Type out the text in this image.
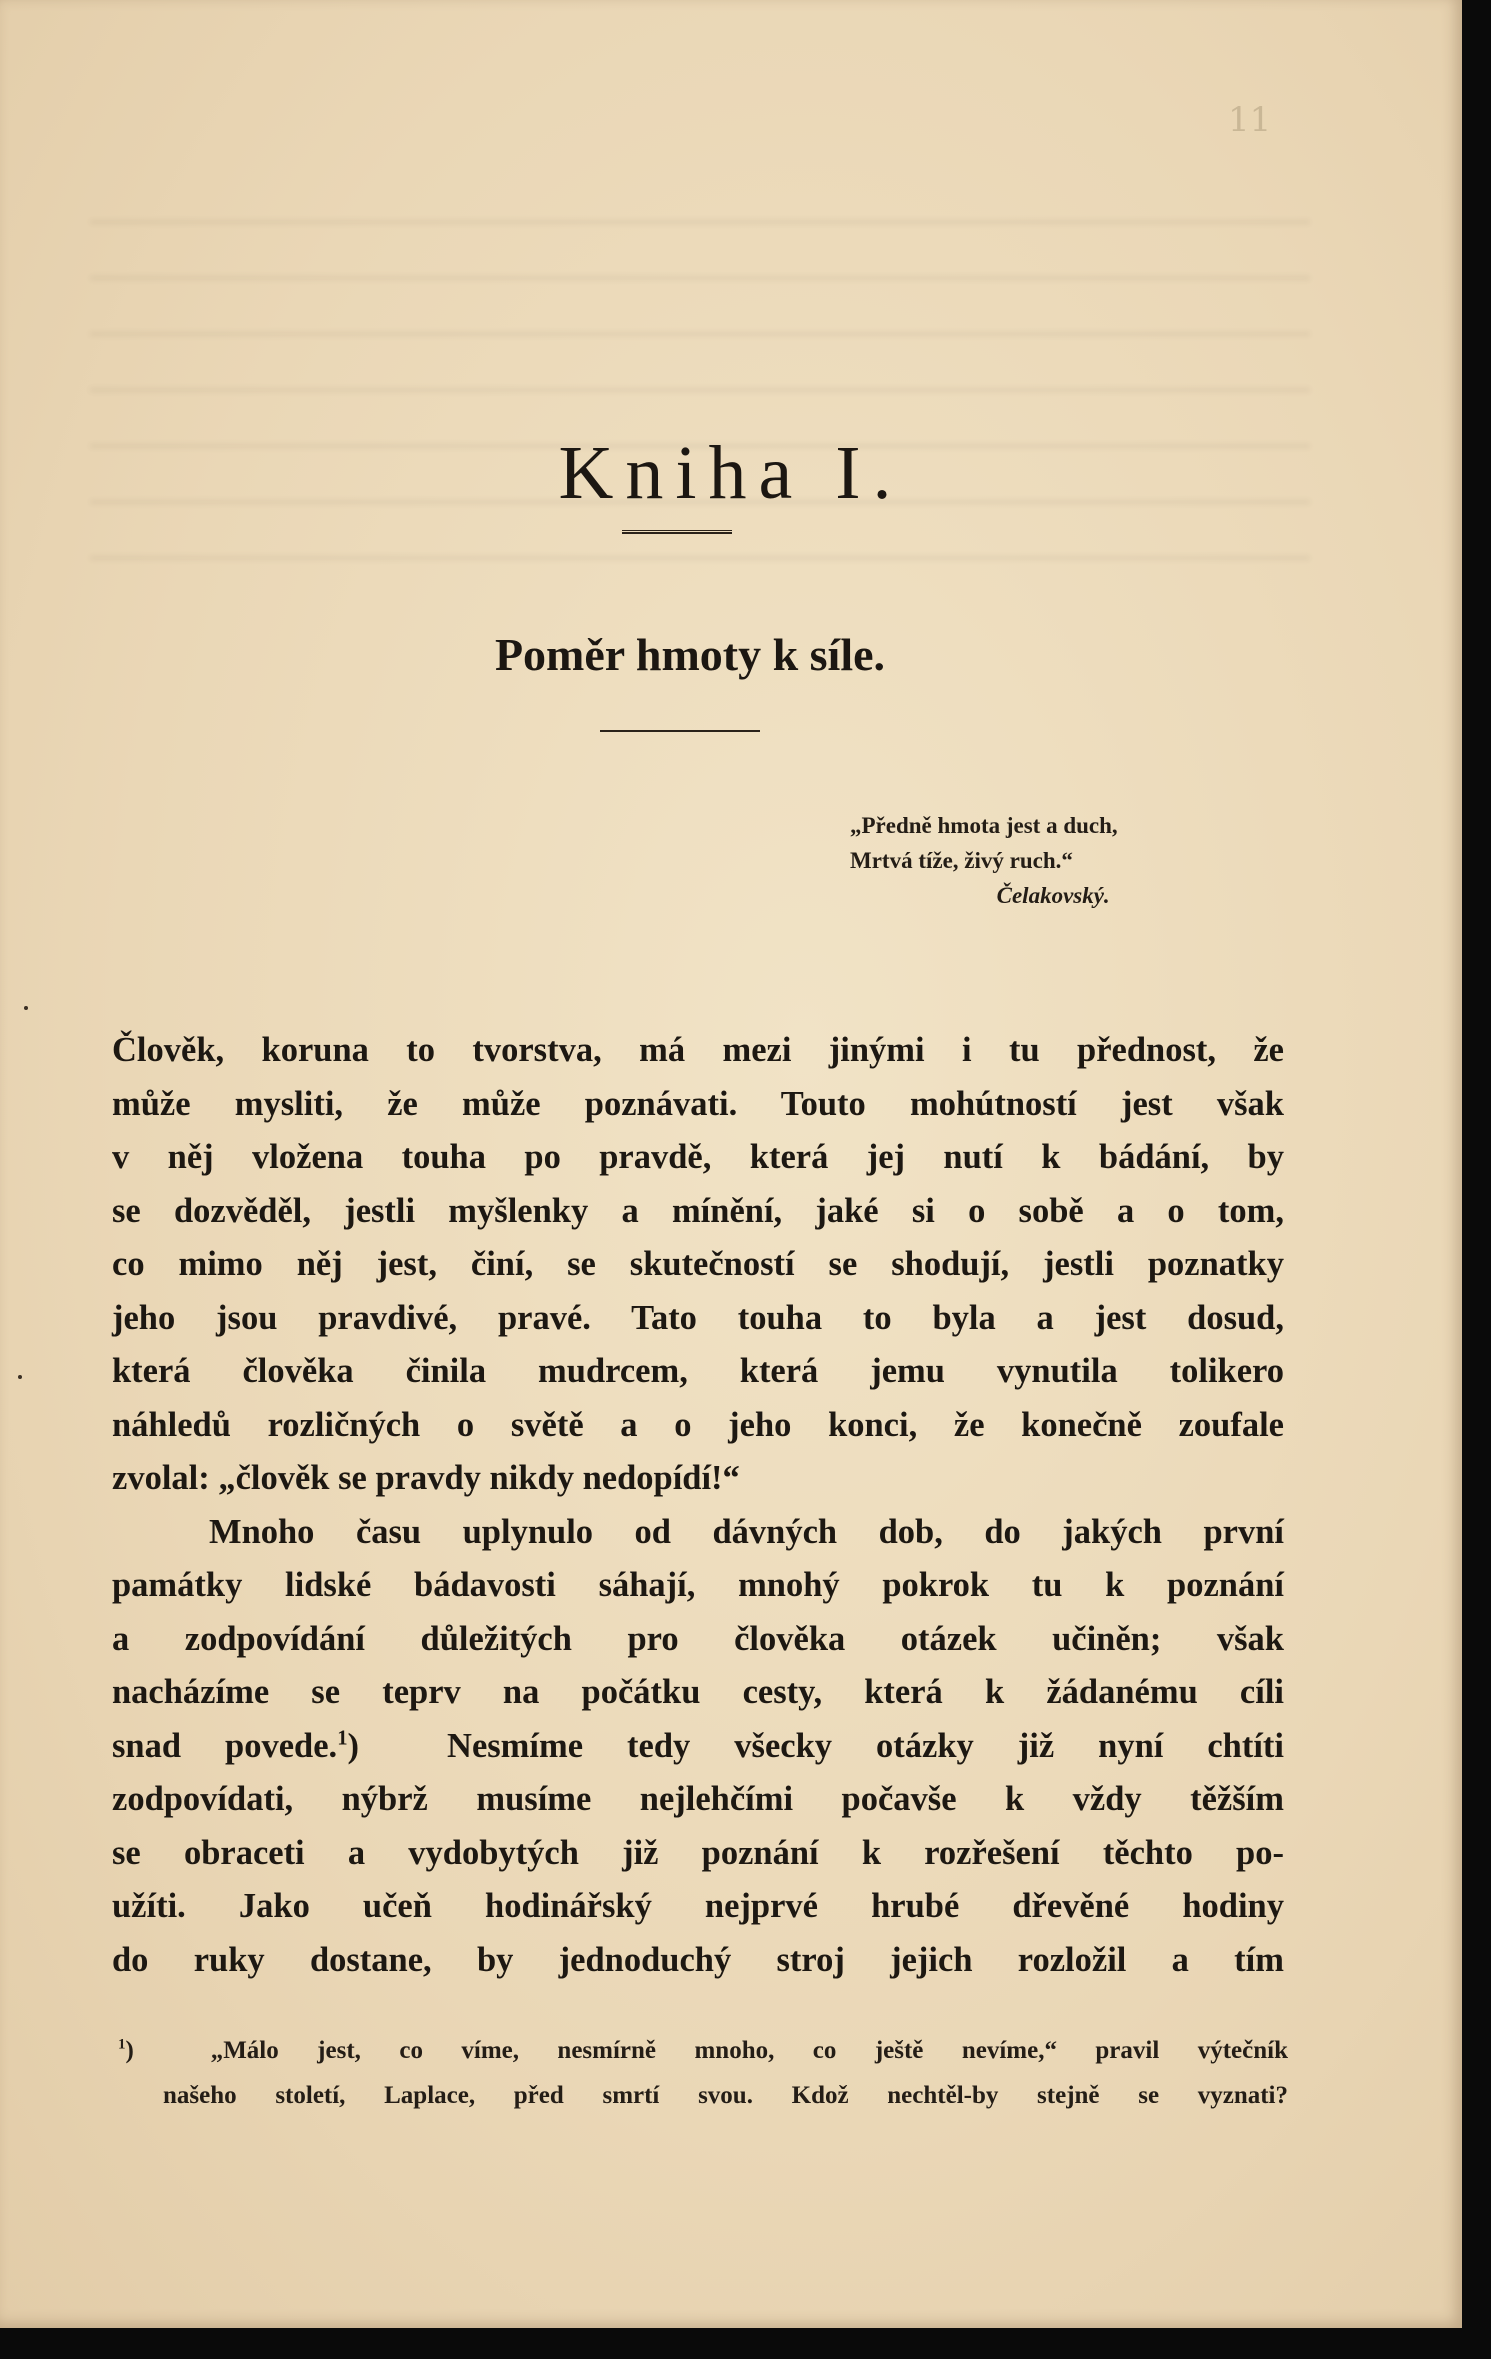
11
Kniha I.
Poměr hmoty k síle.
„Předně hmota jest a duch,
Mrtvá tíže, živý ruch.“
Čelakovský.
Člověk, koruna to tvorstva, má mezi jinými i tu přednost, že
může mysliti, že může poznávati. Touto mohútností jest však
v něj vložena touha po pravdě, která jej nutí k bádání, by
se dozvěděl, jestli myšlenky a mínění, jaké si o sobě a o tom,
co mimo něj jest, činí, se skutečností se shodují, jestli poznatky
jeho jsou pravdivé, pravé. Tato touha to byla a jest dosud,
která člověka činila mudrcem, která jemu vynutila tolikero
náhledů rozličných o světě a o jeho konci, že konečně zoufale
zvolal: „člověk se pravdy nikdy nedopídí!“
Mnoho času uplynulo od dávných dob, do jakých první
památky lidské bádavosti sáhají, mnohý pokrok tu k poznání
a zodpovídání důležitých pro člověka otázek učiněn; však
nacházíme se teprv na počátku cesty, která k žádanému cíli
snad povede.$^1$)	Nesmíme tedy všecky otázky již nyní chtíti
zodpovídati, nýbrž musíme nejlehčími počavše k vždy těžším
se obraceti a vydobytých již poznání k rozřešení těchto po-
užíti. Jako učeň hodinářský nejprvé hrubé dřevěné hodiny
do ruky dostane, by jednoduchý stroj jejich rozložil a tím
$^1$)	„Málo jest, co víme, nesmírně mnoho, co ještě nevíme,“ pravil výtečník
našeho století, Laplace, před smrtí svou. Kdož nechtěl-by stejně se vyznati?
